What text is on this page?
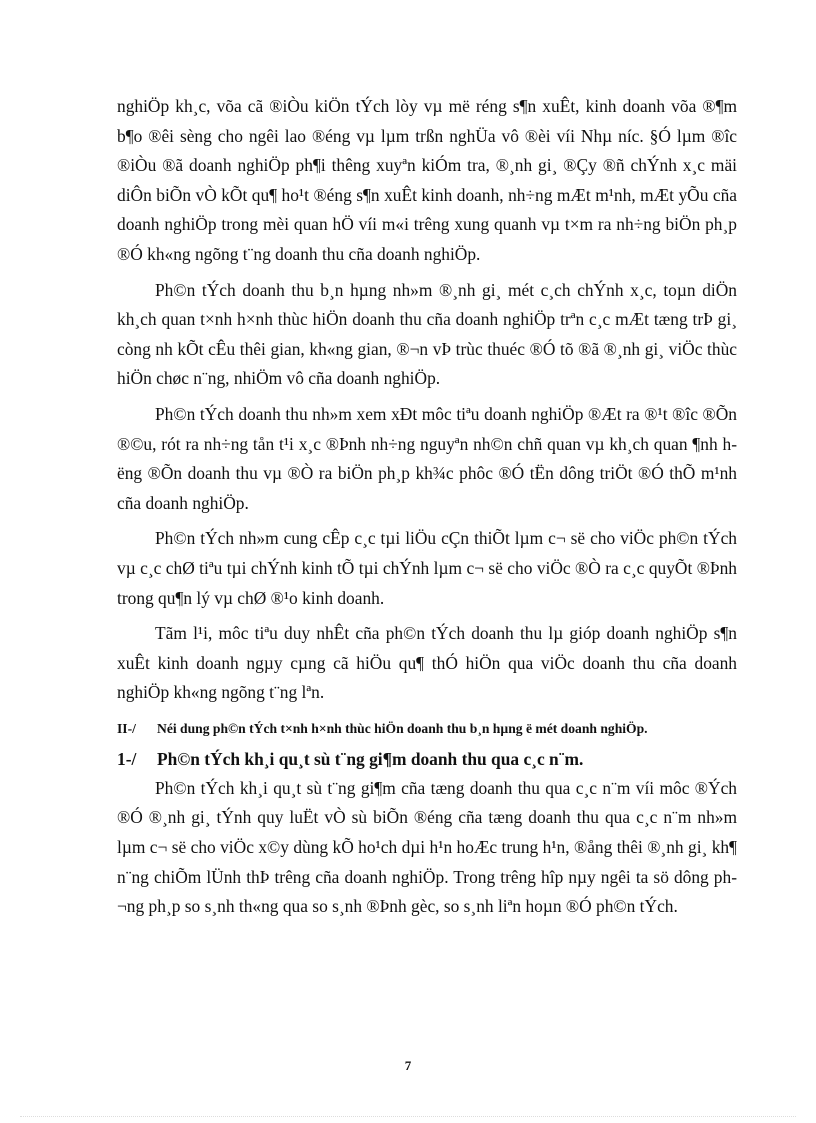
nghiÖp kh¸c, võa cã ®iÒu kiÖn tÝch lòy vµ më réng s¶n xuÊt, kinh doanh võa ®¶m b¶o ®êi sèng cho ngêi lao ®éng vµ lµm trßn nghÜa vô ®èi víi Nhµ níc. §Ó lµm ®îc ®iÒu ®ã doanh nghiÖp ph¶i thêng xuyªn kiÓm tra, ®¸nh gi¸ ®Çy ®ñ chÝnh x¸c mäi diÔn biÕn vÒ kÕt qu¶ ho¹t ®éng s¶n xuÊt kinh doanh, nh÷ng mÆt m¹nh, mÆt yÕu cña doanh nghiÖp trong mèi quan hÖ víi m«i trêng xung quanh vµ t×m ra nh÷ng biÖn ph¸p ®Ó kh«ng ngõng t¨ng doanh thu cña doanh nghiÖp.

Ph©n tÝch doanh thu b¸n hµng nh»m ®¸nh gi¸ mét c¸ch chÝnh x¸c, toµn diÖn kh¸ch quan t×nh h×nh thùc hiÖn doanh thu cña doanh nghiÖp trªn c¸c mÆt tæng trÞ gi¸ còng nh kÕt cÊu thêi gian, kh«ng gian, ®¬n vÞ trùc thuéc ®Ó tõ ®ã ®¸nh gi¸ viÖc thùc hiÖn chøc n¨ng, nhiÖm vô cña doanh nghiÖp.

Ph©n tÝch doanh thu nh»m xem xÐt môc tiªu doanh nghiÖp ®Æt ra ®¹t ®îc ®Õn ®©u, rót ra nh÷ng tån t¹i x¸c ®Þnh nh÷ng nguyªn nh©n chñ quan vµ kh¸ch quan ¶nh hëng ®Õn doanh thu vµ ®Ò ra biÖn ph¸p kh¾c phôc ®Ó tËn dông triÖt ®Ó thÕ m¹nh cña doanh nghiÖp.

Ph©n tÝch nh»m cung cÊp c¸c tµi liÖu cÇn thiÕt lµm c¬ së cho viÖc ph©n tÝch vµ c¸c chØ tiªu tµi chÝnh kinh tÕ tµi chÝnh lµm c¬ së cho viÖc ®Ò ra c¸c quyÕt ®Þnh trong qu¶n lý vµ chØ ®¹o kinh doanh.

Tãm l¹i, môc tiªu duy nhÊt cña ph©n tÝch doanh thu lµ gióp doanh nghiÖp s¶n xuÊt kinh doanh ngµy cµng cã hiÖu qu¶ thÓ hiÖn qua viÖc doanh thu cña doanh nghiÖp kh«ng ngõng t¨ng lªn.

II-/	Néi dung ph©n tÝch t×nh h×nh thùc hiÖn doanh thu b¸n hµng ë mét doanh nghiÖp.
1-/	Ph©n tÝch kh¸i qu¸t sù t¨ng gi¶m doanh thu qua c¸c n¨m.

Ph©n tÝch kh¸i qu¸t sù t¨ng gi¶m cña tæng doanh thu qua c¸c n¨m víi môc ®Ých ®Ó ®¸nh gi¸ tÝnh quy luËt vÒ sù biÕn ®éng cña tæng doanh thu qua c¸c n¨m nh»m lµm c¬ së cho viÖc x©y dùng kÕ ho¹ch dµi h¹n hoÆc trung h¹n, ®ång thêi ®¸nh gi¸ kh¶ n¨ng chiÕm lÜnh thÞ trêng cña doanh nghiÖp. Trong trêng hîp nµy ngêi ta sö dông ph¬ng ph¸p so s¸nh th«ng qua so s¸nh ®Þnh gèc, so s¸nh liªn hoµn ®Ó ph©n tÝch.

7
